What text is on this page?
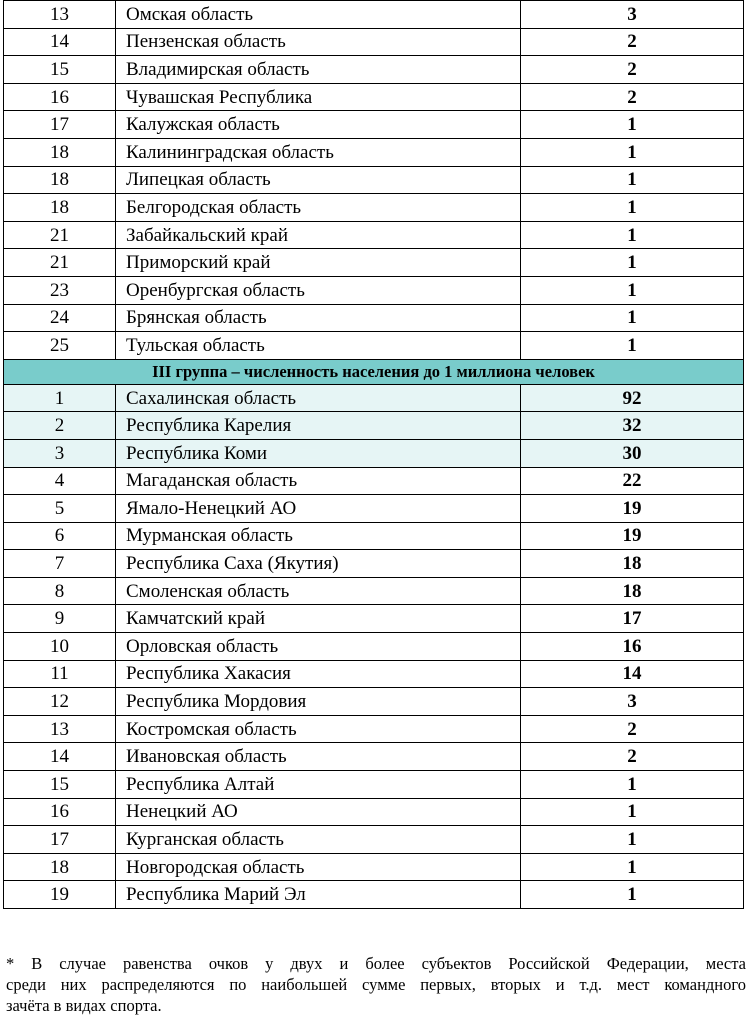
13	Омская область	3
14	Пензенская область	2
15	Владимирская область	2
16	Чувашская Республика	2
17	Калужская область	1
18	Калининградская область	1
18	Липецкая область	1
18	Белгородская область	1
21	Забайкальский край	1
21	Приморский край	1
23	Оренбургская область	1
24	Брянская область	1
25	Тульская область	1
III группа – численность населения до 1 миллиона человек		
1	Сахалинская область	92
2	Республика Карелия	32
3	Республика Коми	30
4	Магаданская область	22
5	Ямало-Ненецкий АО	19
6	Мурманская область	19
7	Республика Саха (Якутия)	18
8	Смоленская область	18
9	Камчатский край	17
10	Орловская область	16
11	Республика Хакасия	14
12	Республика Мордовия	3
13	Костромская область	2
14	Ивановская область	2
15	Республика Алтай	1
16	Ненецкий АО	1
17	Курганская область	1
18	Новгородская область	1
19	Республика Марий Эл	1
* В случае равенства очков у двух и более субъектов Российской Федерации, места
среди них распределяются по наибольшей сумме первых, вторых и т.д. мест командного
зачёта в видах спорта.
